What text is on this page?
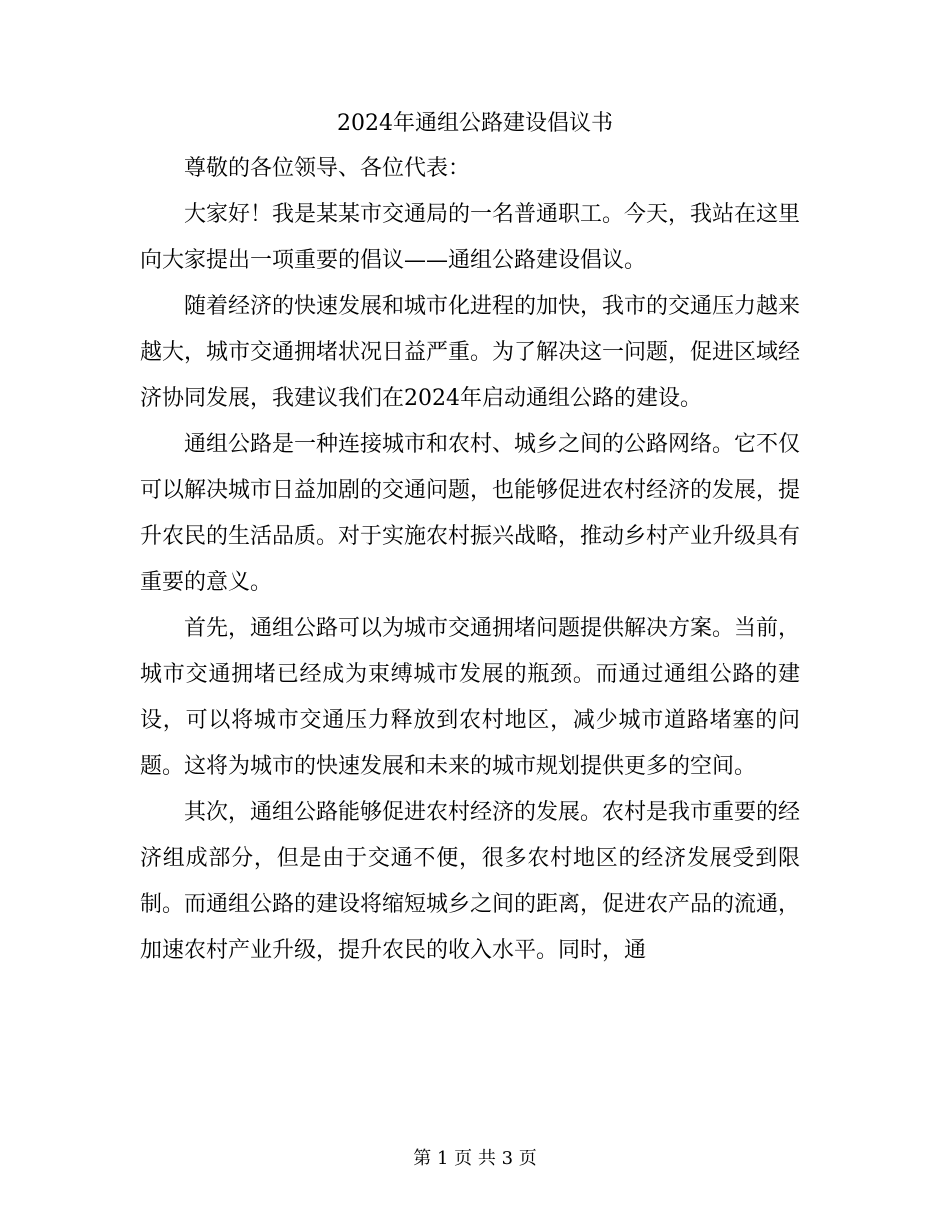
2024年通组公路建设倡议书

尊敬的各位领导、各位代表：

大家好！我是某某市交通局的一名普通职工。今天，我站在这里向大家提出一项重要的倡议——通组公路建设倡议。

随着经济的快速发展和城市化进程的加快，我市的交通压力越来越大，城市交通拥堵状况日益严重。为了解决这一问题，促进区域经济协同发展，我建议我们在2024年启动通组公路的建设。

通组公路是一种连接城市和农村、城乡之间的公路网络。它不仅可以解决城市日益加剧的交通问题，也能够促进农村经济的发展，提升农民的生活品质。对于实施农村振兴战略，推动乡村产业升级具有重要的意义。

首先，通组公路可以为城市交通拥堵问题提供解决方案。当前，城市交通拥堵已经成为束缚城市发展的瓶颈。而通过通组公路的建设，可以将城市交通压力释放到农村地区，减少城市道路堵塞的问题。这将为城市的快速发展和未来的城市规划提供更多的空间。

其次，通组公路能够促进农村经济的发展。农村是我市重要的经济组成部分，但是由于交通不便，很多农村地区的经济发展受到限制。而通组公路的建设将缩短城乡之间的距离，促进农产品的流通，加速农村产业升级，提升农民的收入水平。同时，通

第 1 页 共 3 页
